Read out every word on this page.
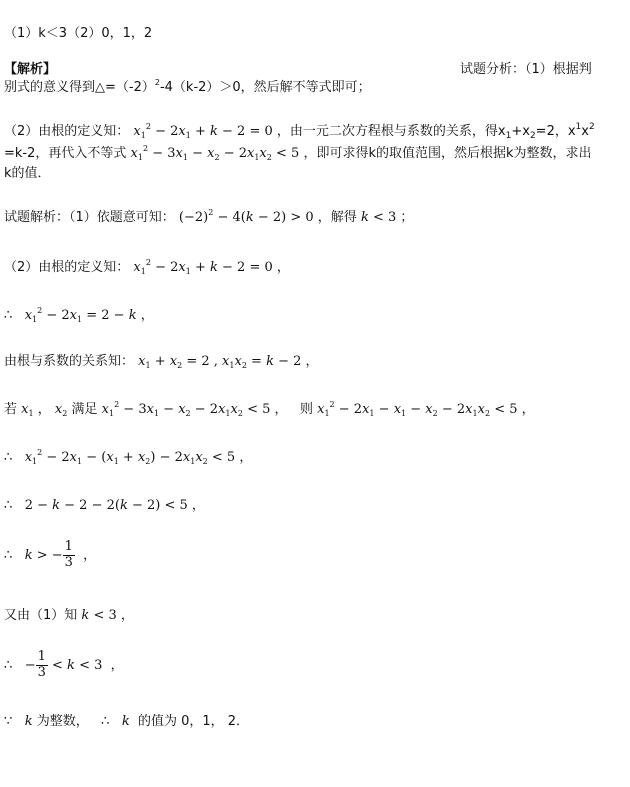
（1）k＜3（2）0，1，2
【解析】	试题分析：（1）根据判
别式的意义得到$\triangle=(-2)^2-4(k-2)>0$，然后解不等式即可；
（2）由根的定义知： $x_1^2 - 2x_1 + k - 2 = 0$ ，由一元二次方程根与系数的关系，得$x_1+x_2=2$，$x^1x^2$
=k-2，再代入不等式 $x_1^2 - 3x_1 - x_2 - 2x_1x_2 < 5$ ，即可求得k的取值范围，然后根据k为整数，求出
k的值．
试题解析：（1）依题意可知： $(-2)^2 - 4(k - 2) > 0$ ，解得 k < 3 ；
（2）由根的定义知： $x_1^2 - 2x_1 + k - 2 = 0$ ，
∴ $x_1^2 - 2x_1 = 2 - k$ ，
由根与系数的关系知： $x_1 + x_2 = 2$ , $x_1x_2 = k - 2$ ，
若 $x_1$ ， $x_2$ 满足 $x_1^2 - 3x_1 - x_2 - 2x_1x_2 < 5$ ， 则 $x_1^2 - 2x_1 - x_1 - x_2 - 2x_1x_2 < 5$ ，
∴ $x_1^2 - 2x_1 - (x_1 + x_2) - 2x_1x_2 < 5$ ，
∴ 2 − k − 2 − 2(k − 2) < 5 ，
∴ k > − $\frac{1}{3}$ ，
又由（1）知 k < 3 ，
∴ − $\frac{1}{3} < k < 3$ ，
∵ k 为整数， ∴ k 的值为 0，1， 2．
